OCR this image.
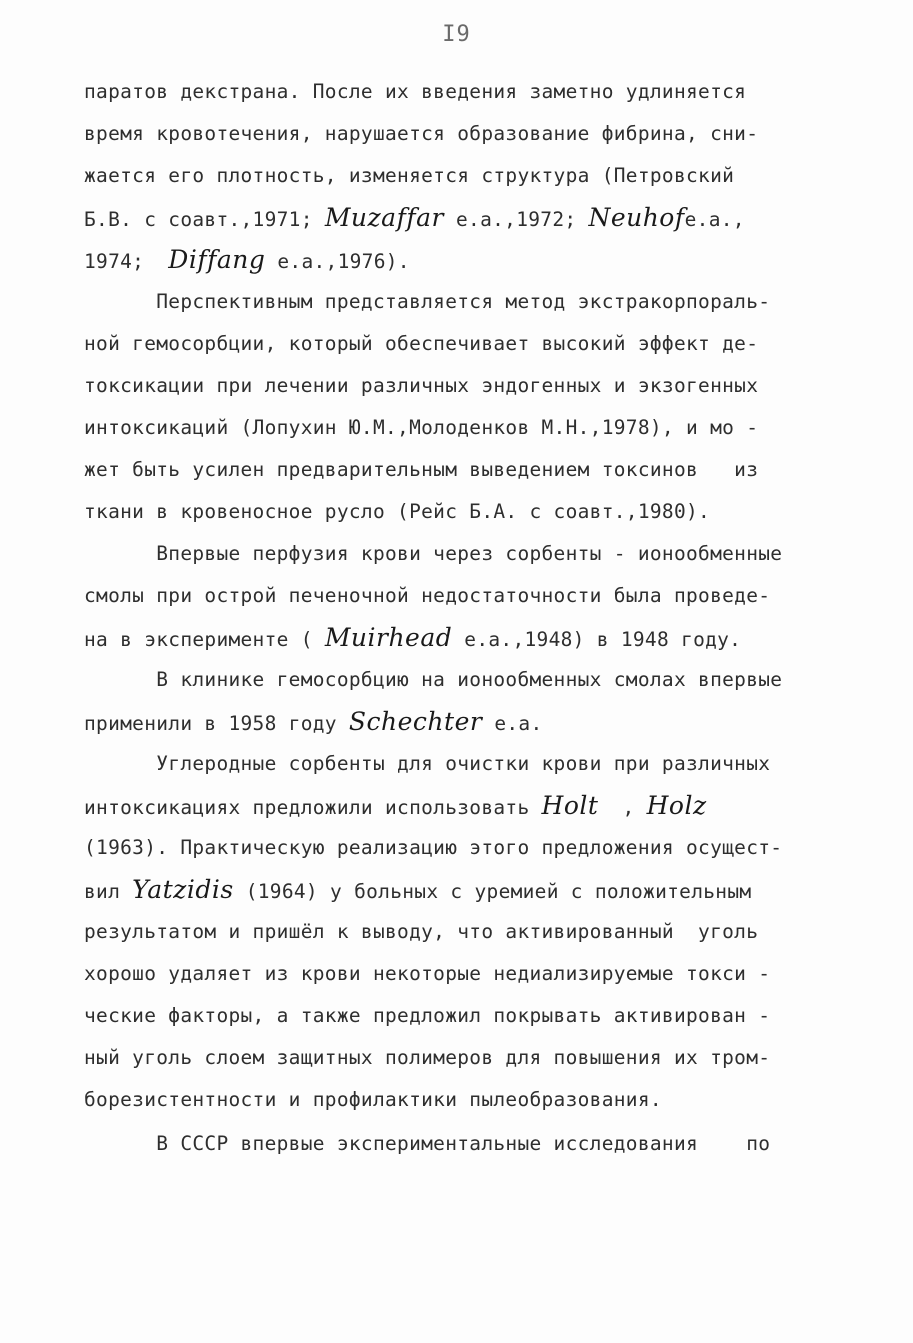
I9
паратов декстрана. После их введения заметно удлиняется
время кровотечения, нарушается образование фибрина, сни-
жается его плотность, изменяется структура (Петровский
Б.В. с соавт.,1971; Muzaffar e.a.,1972; Neuhofe.a.,
1974;  Diffang e.a.,1976).
Перспективным представляется метод экстракорпораль-
ной гемосорбции, который обеспечивает высокий эффект де-
токсикации при лечении различных эндогенных и экзогенных
интоксикаций (Лопухин Ю.М.,Молоденков М.Н.,1978), и мо -
жет быть усилен предварительным выведением токсинов   из
ткани в кровеносное русло (Рейс Б.А. с соавт.,1980).
Впервые перфузия крови через сорбенты - ионообменные
смолы при острой печеночной недостаточности была проведе-
на в эксперименте ( Muirhead e.a.,1948) в 1948 году.
В клинике гемосорбцию на ионообменных смолах впервые
применили в 1958 году Schechter e.a.
Углеродные сорбенты для очистки крови при различных
интоксикациях предложили использовать Holt  , Holz
(1963). Практическую реализацию этого предложения осущест-
вил Yatzidis (1964) у больных с уремией с положительным
результатом и пришёл к выводу, что активированный  уголь
хорошо удаляет из крови некоторые недиализируемые токси -
ческие факторы, а также предложил покрывать активирован -
ный уголь слоем защитных полимеров для повышения их тром-
борезистентности и профилактики пылеобразования.
В СССР впервые экспериментальные исследования    по
